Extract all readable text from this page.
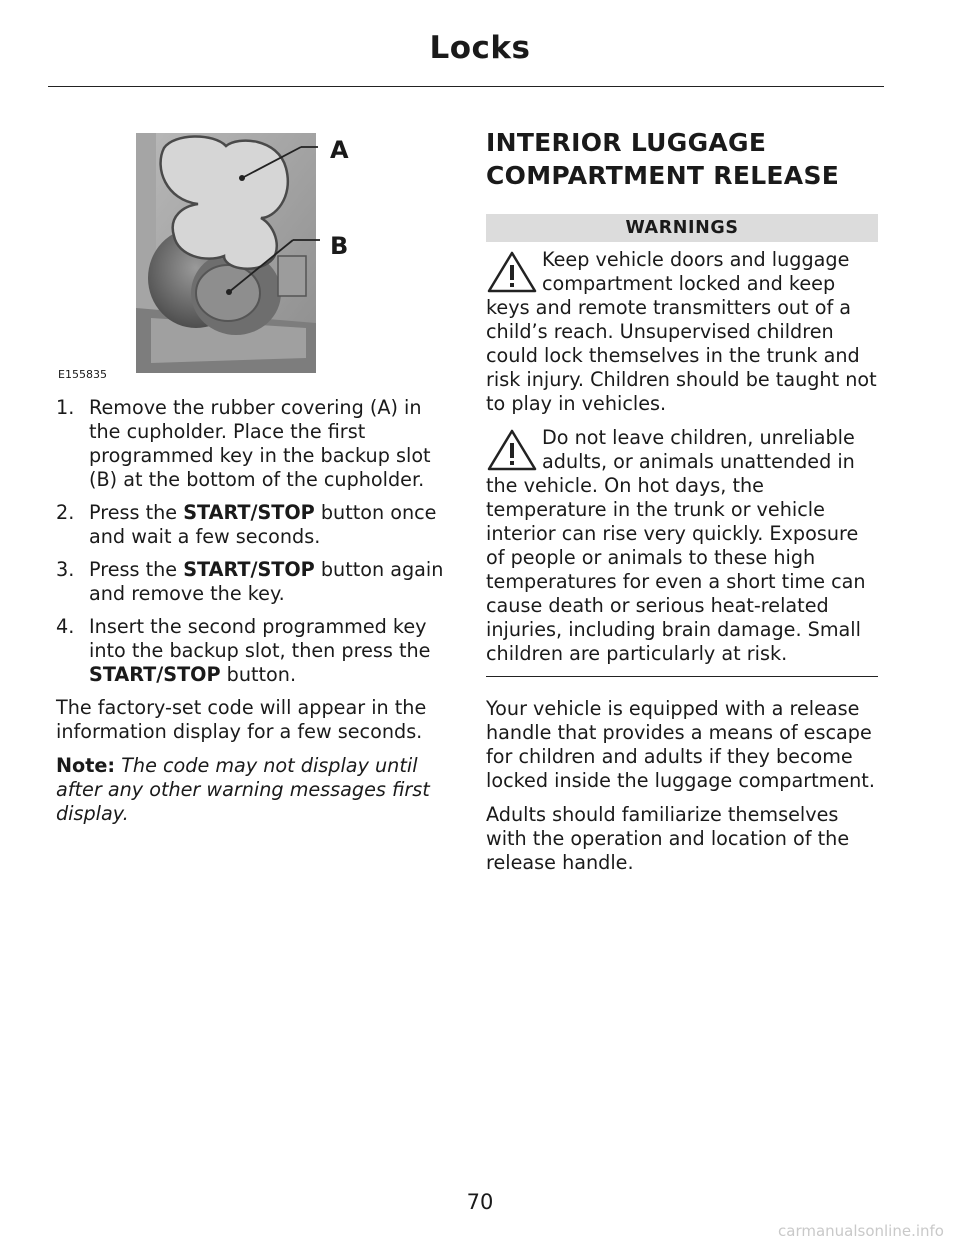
Locks
A
B
E155835
1. Remove the rubber covering (A) in the cupholder. Place the first programmed key in the backup slot (B) at the bottom of the cupholder.
2. Press the START/STOP button once and wait a few seconds.
3. Press the START/STOP button again and remove the key.
4. Insert the second programmed key into the backup slot, then press the START/STOP button.

The factory-set code will appear in the information display for a few seconds.

Note: The code may not display until after any other warning messages first display.

INTERIOR LUGGAGE COMPARTMENT RELEASE
WARNINGS
Keep vehicle doors and luggage compartment locked and keep keys and remote transmitters out of a child’s reach. Unsupervised children could lock themselves in the trunk and risk injury. Children should be taught not to play in vehicles.
Do not leave children, unreliable adults, or animals unattended in the vehicle. On hot days, the temperature in the trunk or vehicle interior can rise very quickly. Exposure of people or animals to these high temperatures for even a short time can cause death or serious heat-related injuries, including brain damage. Small children are particularly at risk.

Your vehicle is equipped with a release handle that provides a means of escape for children and adults if they become locked inside the luggage compartment.

Adults should familiarize themselves with the operation and location of the release handle.

70
carmanualsonline.info
